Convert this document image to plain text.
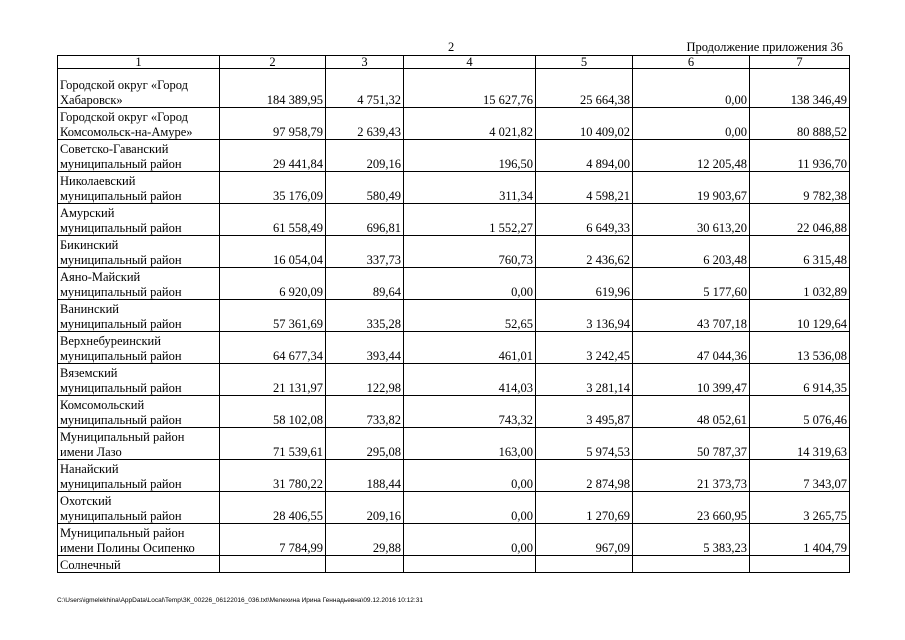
2	Продолжение приложения 36
1	2	3	4	5	6	7

Городской округ «Город
Хабаровск»	184 389,95	4 751,32	15 627,76	25 664,38	0,00	138 346,49

Городской округ «Город
Комсомольск-на-Амуре»	97 958,79	2 639,43	4 021,82	10 409,02	0,00	80 888,52

Советско-Гаванский
муниципальный район	29 441,84	209,16	196,50	4 894,00	12 205,48	11 936,70

Николаевский
муниципальный район	35 176,09	580,49	311,34	4 598,21	19 903,67	9 782,38

Амурский
муниципальный район	61 558,49	696,81	1 552,27	6 649,33	30 613,20	22 046,88

Бикинский
муниципальный район	16 054,04	337,73	760,73	2 436,62	6 203,48	6 315,48

Аяно-Майский
муниципальный район	6 920,09	89,64	0,00	619,96	5 177,60	1 032,89

Ванинский
муниципальный район	57 361,69	335,28	52,65	3 136,94	43 707,18	10 129,64

Верхнебуреинский
муниципальный район	64 677,34	393,44	461,01	3 242,45	47 044,36	13 536,08

Вяземский
муниципальный район	21 131,97	122,98	414,03	3 281,14	10 399,47	6 914,35

Комсомольский
муниципальный район	58 102,08	733,82	743,32	3 495,87	48 052,61	5 076,46

Муниципальный район
имени Лазо	71 539,61	295,08	163,00	5 974,53	50 787,37	14 319,63

Нанайский
муниципальный район	31 780,22	188,44	0,00	2 874,98	21 373,73	7 343,07

Охотский
муниципальный район	28 406,55	209,16	0,00	1 270,69	23 660,95	3 265,75

Муниципальный район
имени Полины Осипенко	7 784,99	29,88	0,00	967,09	5 383,23	1 404,79
Солнечный						
C:\Users\igmelekhina\AppData\Local\Temp\ЗК_00226_06122016_036.txt\Мелехина Ирина Геннадьевна\09.12.2016 10:12:31
